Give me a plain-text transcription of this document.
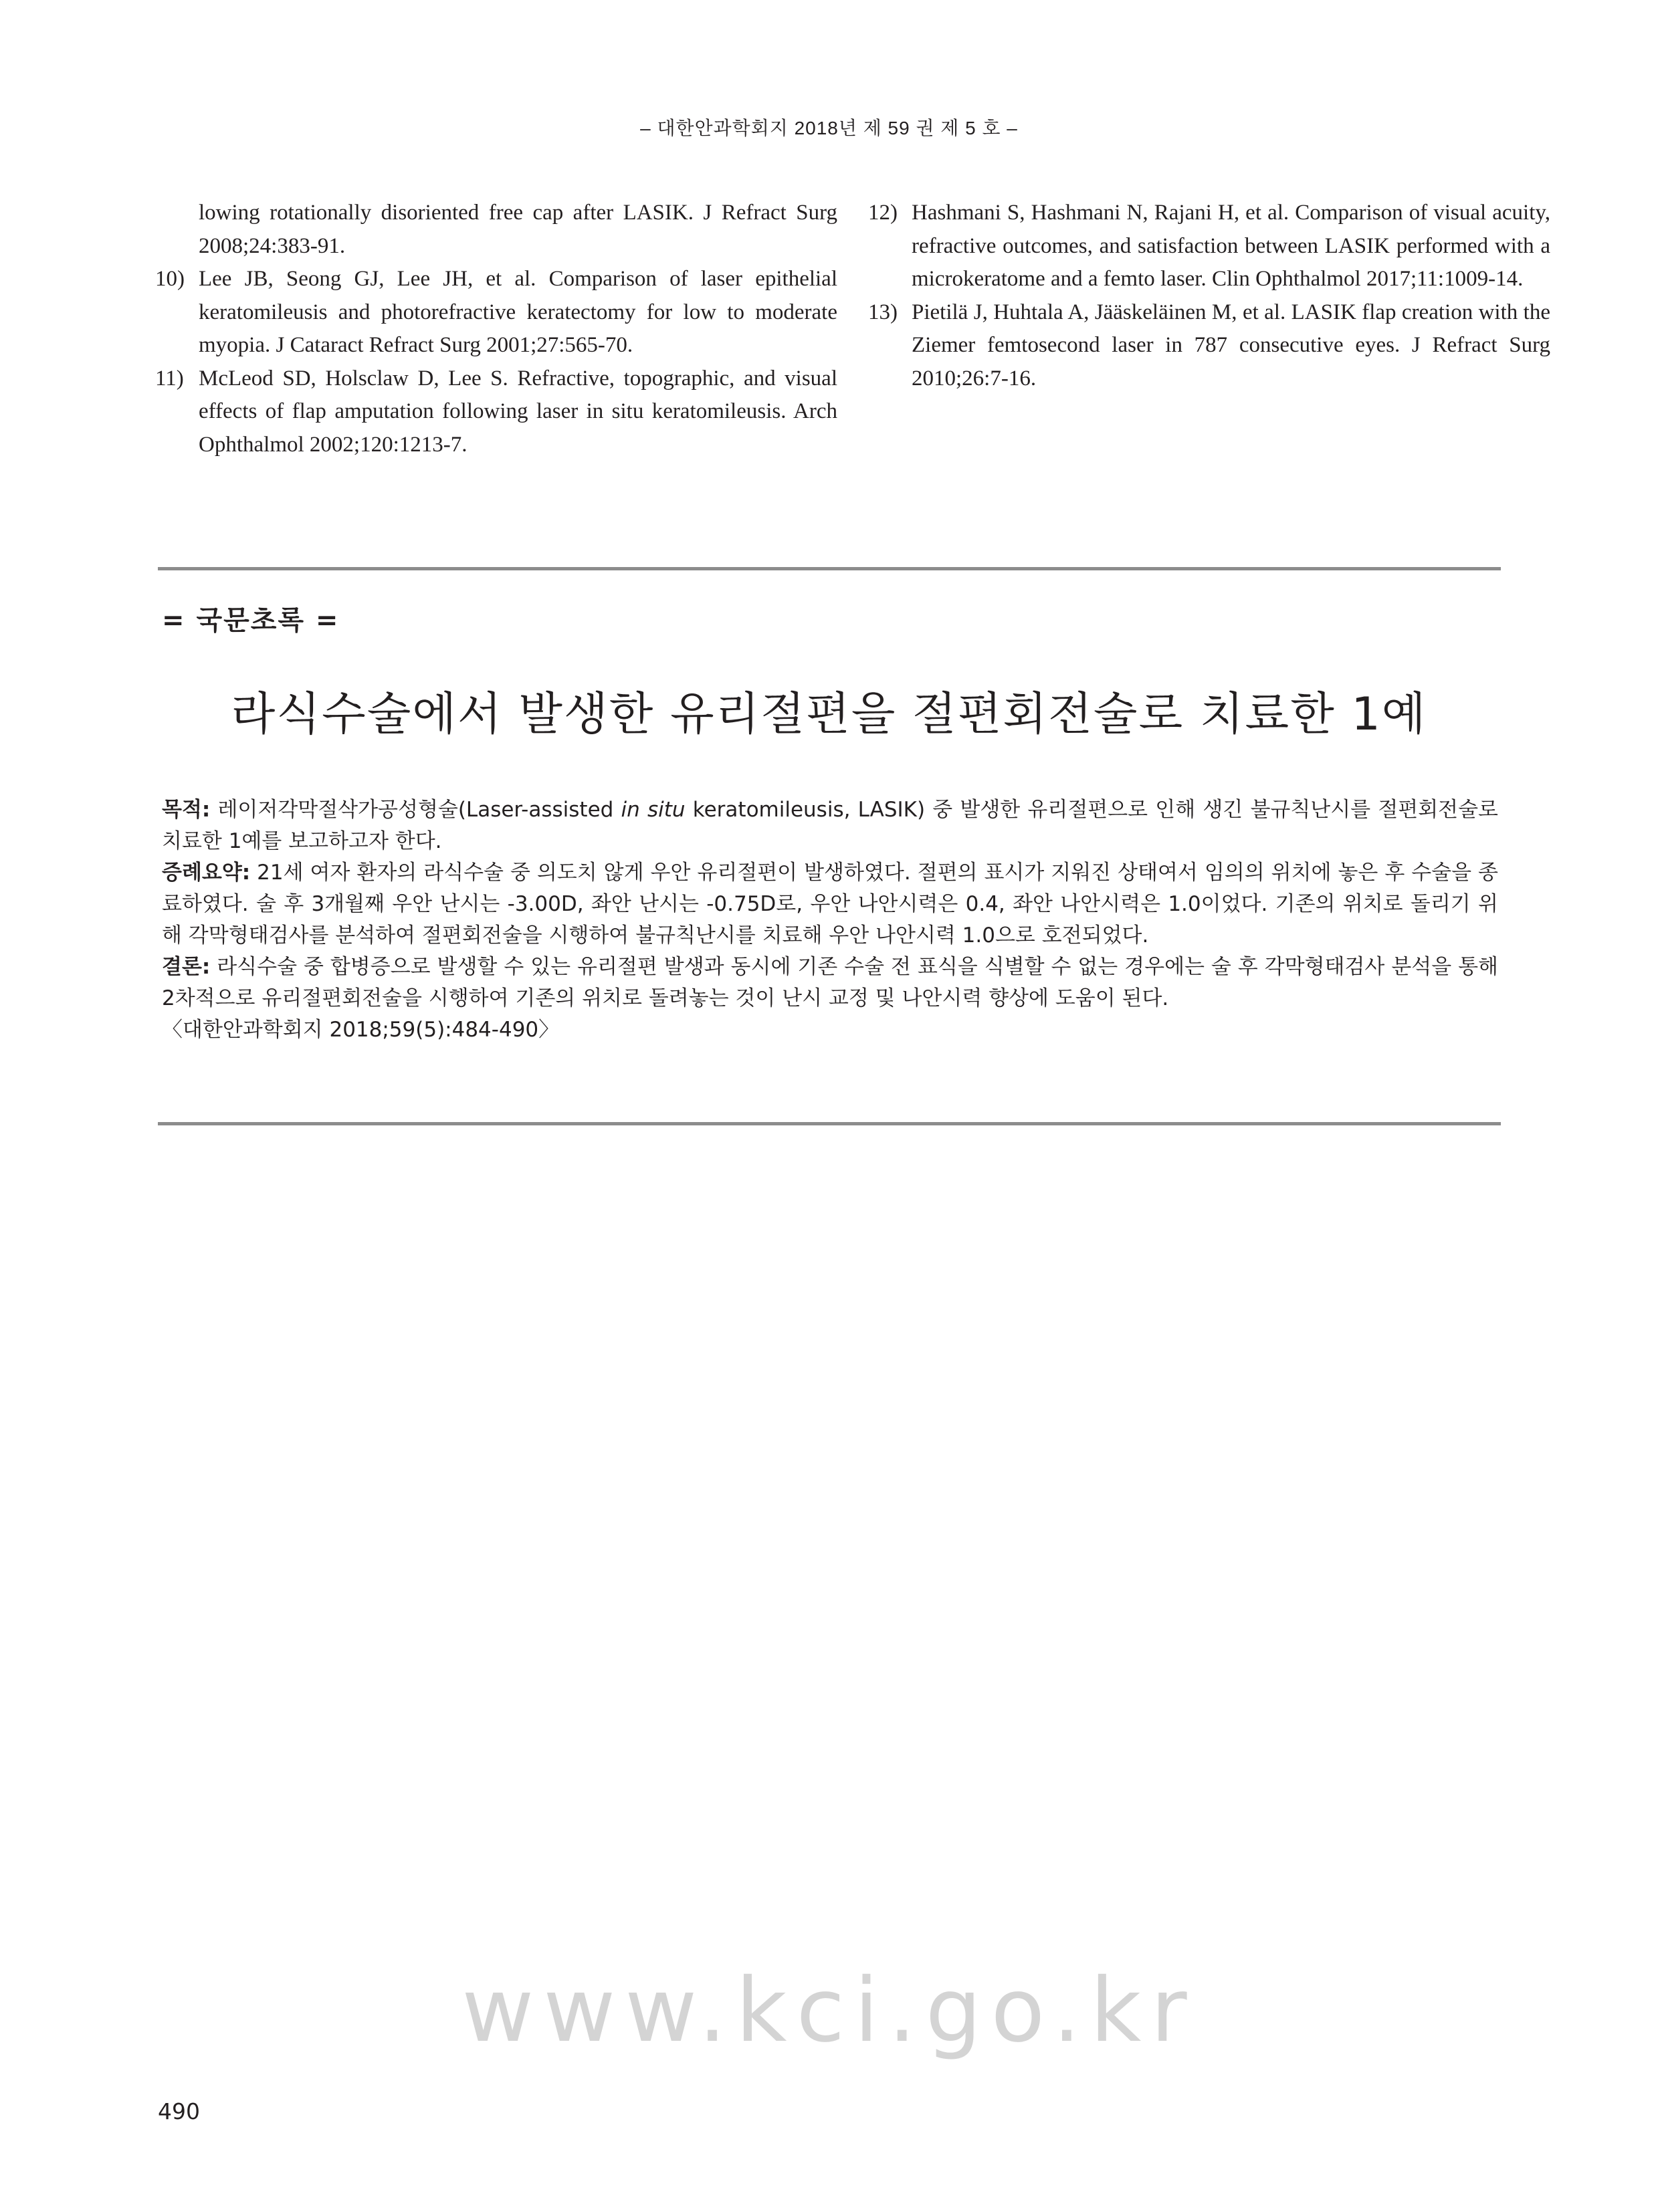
– 대한안과학회지 2018년 제 59 권 제 5 호 –
lowing rotationally disoriented free cap after LASIK. J Refract Surg 2008;24:383-91.
10) Lee JB, Seong GJ, Lee JH, et al. Comparison of laser epithelial keratomileusis and photorefractive keratectomy for low to moderate myopia. J Cataract Refract Surg 2001;27:565-70.
11) McLeod SD, Holsclaw D, Lee S. Refractive, topographic, and visual effects of flap amputation following laser in situ keratomileusis. Arch Ophthalmol 2002;120:1213-7.
12) Hashmani S, Hashmani N, Rajani H, et al. Comparison of visual acuity, refractive outcomes, and satisfaction between LASIK performed with a microkeratome and a femto laser. Clin Ophthalmol 2017;11:1009-14.
13) Pietilä J, Huhtala A, Jääskeläinen M, et al. LASIK flap creation with the Ziemer femtosecond laser in 787 consecutive eyes. J Refract Surg 2010;26:7-16.
= 국문초록 =
라식수술에서 발생한 유리절편을 절편회전술로 치료한 1예

목적: 레이저각막절삭가공성형술(Laser-assisted in situ keratomileusis, LASIK) 중 발생한 유리절편으로 인해 생긴 불규칙난시를 절편회전술로 치료한 1예를 보고하고자 한다.

증례요약: 21세 여자 환자의 라식수술 중 의도치 않게 우안 유리절편이 발생하였다. 절편의 표시가 지워진 상태여서 임의의 위치에 놓은 후 수술을 종료하였다. 술 후 3개월째 우안 난시는 -3.00D, 좌안 난시는 -0.75D로, 우안 나안시력은 0.4, 좌안 나안시력은 1.0이었다. 기존의 위치로 돌리기 위해 각막형태검사를 분석하여 절편회전술을 시행하여 불규칙난시를 치료해 우안 나안시력 1.0으로 호전되었다.

결론: 라식수술 중 합병증으로 발생할 수 있는 유리절편 발생과 동시에 기존 수술 전 표식을 식별할 수 없는 경우에는 술 후 각막형태검사 분석을 통해 2차적으로 유리절편회전술을 시행하여 기존의 위치로 돌려놓는 것이 난시 교정 및 나안시력 향상에 도움이 된다.

〈대한안과학회지 2018;59(5):484-490〉

www.kci.go.kr
490
